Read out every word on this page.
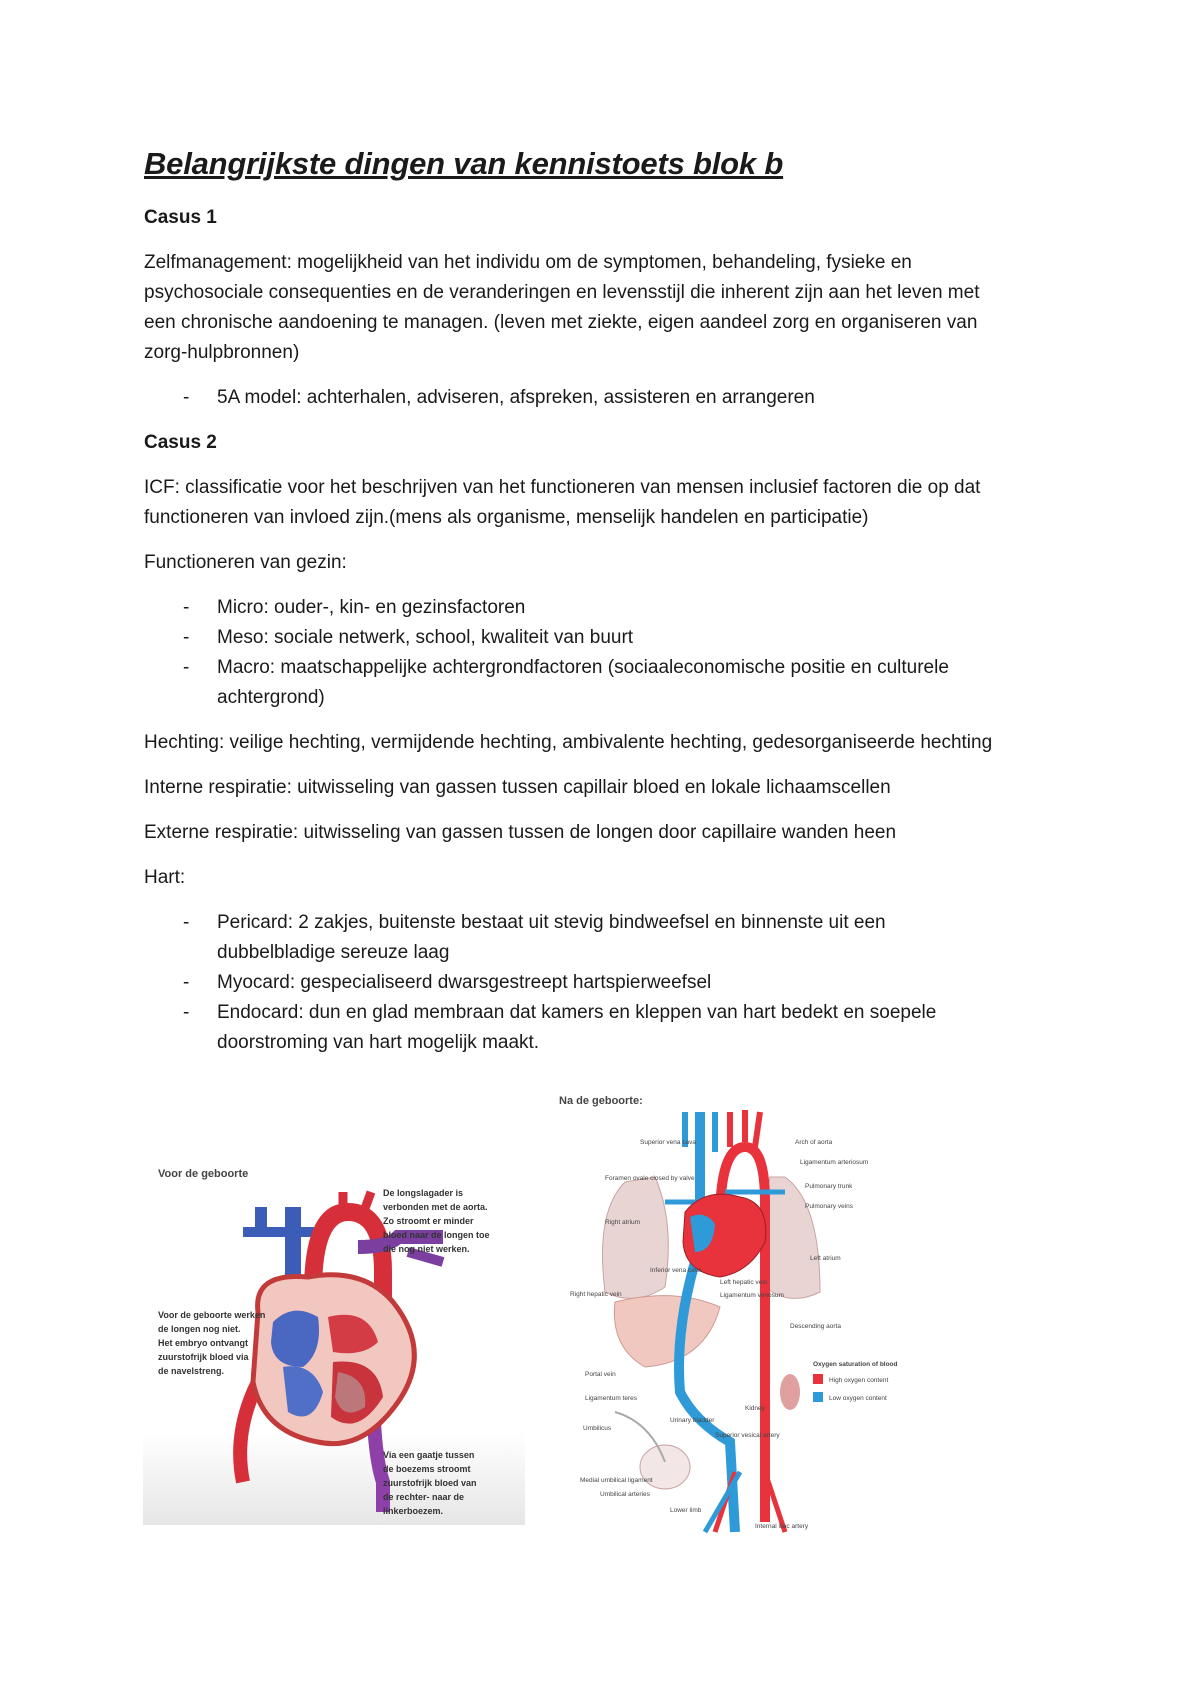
Belangrijkste dingen van kennistoets blok b

Casus 1

Zelfmanagement: mogelijkheid van het individu om de symptomen, behandeling, fysieke en

psychosociale consequenties en de veranderingen en levensstijl die inherent zijn aan het leven met

een chronische aandoening te managen. (leven met ziekte, eigen aandeel zorg en organiseren van

zorg-hulpbronnen)

- 5A model: achterhalen, adviseren, afspreken, assisteren en arrangeren

Casus 2

ICF: classificatie voor het beschrijven van het functioneren van mensen inclusief factoren die op dat

functioneren van invloed zijn.(mens als organisme, menselijk handelen en participatie)

Functioneren van gezin:

- Micro: ouder-, kin- en gezinsfactoren

- Meso: sociale netwerk, school, kwaliteit van buurt

- Macro: maatschappelijke achtergrondfactoren (sociaaleconomische positie en culturele

achtergrond)

Hechting: veilige hechting, vermijdende hechting, ambivalente hechting, gedesorganiseerde hechting

Interne respiratie: uitwisseling van gassen tussen capillair bloed en lokale lichaamscellen

Externe respiratie: uitwisseling van gassen tussen de longen door capillaire wanden heen

Hart:

- Pericard: 2 zakjes, buitenste bestaat uit stevig bindweefsel en binnenste uit een

dubbelbladige sereuze laag

- Myocard: gespecialiseerd dwarsgestreept hartspierweefsel

- Endocard: dun en glad membraan dat kamers en kleppen van hart bedekt en soepele

doorstroming van hart mogelijk maakt.

Voor de geboorte
De longslagader is
verbonden met de aorta.
Zo stroomt er minder
bloed naar de longen toe
die nog niet werken.
Voor de geboorte werken
de longen nog niet.
Het embryo ontvangt
zuurstofrijk bloed via
de navelstreng.
Via een gaatje tussen
de boezems stroomt
zuurstofrijk bloed van
de rechter- naar de
linkerboezem.
Na de geboorte:
Superior vena cava
Foramen ovale closed by valve
Right atrium
Inferior vena cava
Right hepatic vein
Portal vein
Ligamentum teres
Umbilicus
Medial umbilical ligament
Umbilical arteries
Arch of aorta
Ligamentum arteriosum
Pulmonary trunk
Pulmonary veins
Left atrium
Left hepatic vein
Ligamentum venosum
Descending aorta
Kidney
Urinary bladder
Superior vesical artery
Lower limb
Internal iliac artery
Oxygen saturation of blood
High oxygen content
Low oxygen content
